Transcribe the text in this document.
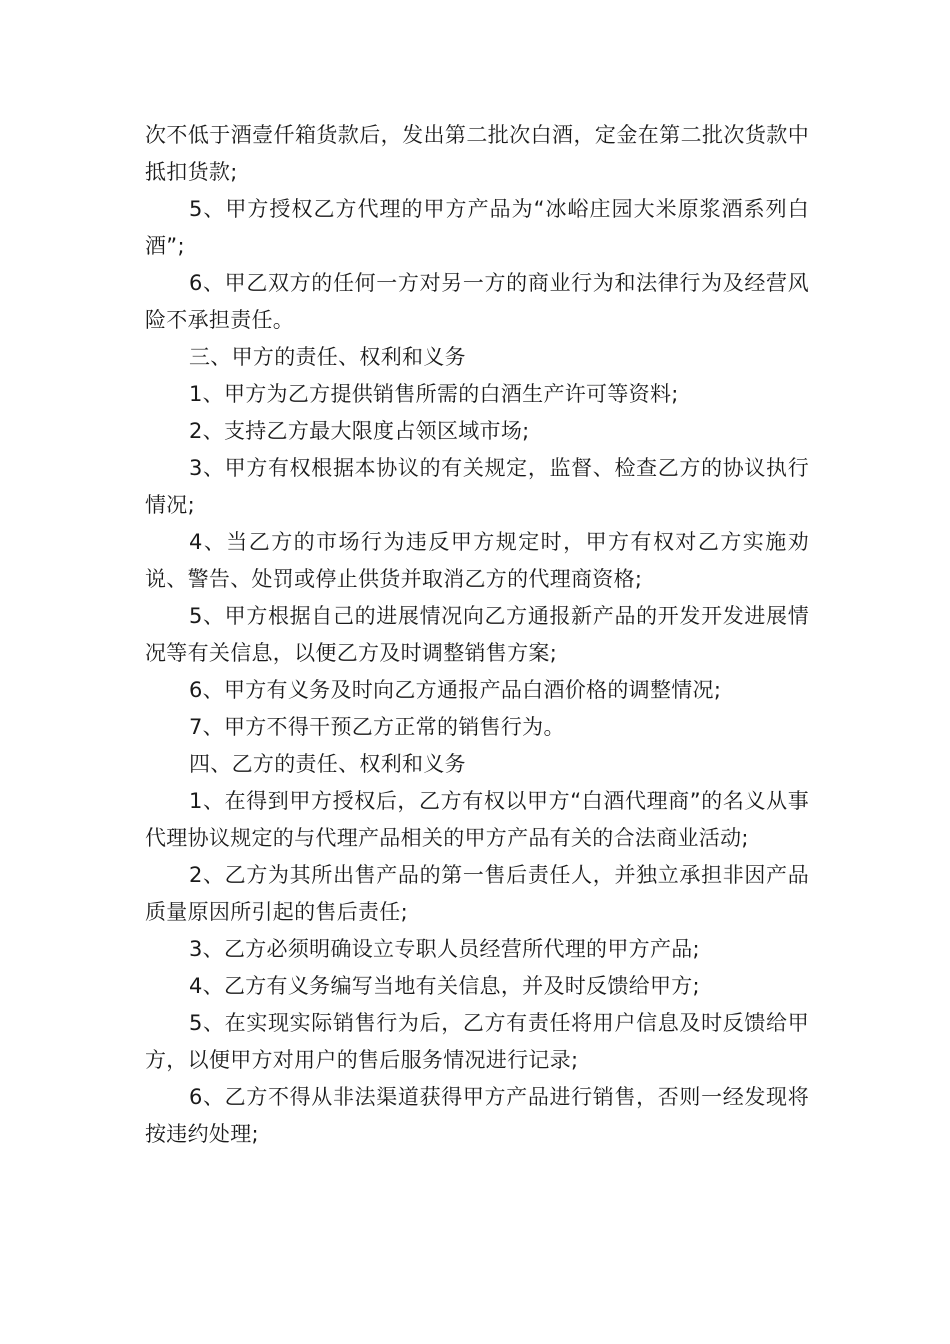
次不低于酒壹仟箱货款后，发出第二批次白酒，定金在第二批次货款中抵扣货款;

5、甲方授权乙方代理的甲方产品为“冰峪庄园大米原浆酒系列白酒”;

6、甲乙双方的任何一方对另一方的商业行为和法律行为及经营风险不承担责任。

三、甲方的责任、权利和义务

1、甲方为乙方提供销售所需的白酒生产许可等资料;

2、支持乙方最大限度占领区域市场;

3、甲方有权根据本协议的有关规定，监督、检查乙方的协议执行情况;

4、当乙方的市场行为违反甲方规定时，甲方有权对乙方实施劝说、警告、处罚或停止供货并取消乙方的代理商资格;

5、甲方根据自己的进展情况向乙方通报新产品的开发开发进展情况等有关信息，以便乙方及时调整销售方案;

6、甲方有义务及时向乙方通报产品白酒价格的调整情况;

7、甲方不得干预乙方正常的销售行为。

四、乙方的责任、权利和义务

1、在得到甲方授权后，乙方有权以甲方“白酒代理商”的名义从事代理协议规定的与代理产品相关的甲方产品有关的合法商业活动;

2、乙方为其所出售产品的第一售后责任人，并独立承担非因产品质量原因所引起的售后责任;

3、乙方必须明确设立专职人员经营所代理的甲方产品;

4、乙方有义务编写当地有关信息，并及时反馈给甲方;

5、在实现实际销售行为后，乙方有责任将用户信息及时反馈给甲方，以便甲方对用户的售后服务情况进行记录;

6、乙方不得从非法渠道获得甲方产品进行销售，否则一经发现将按违约处理;
